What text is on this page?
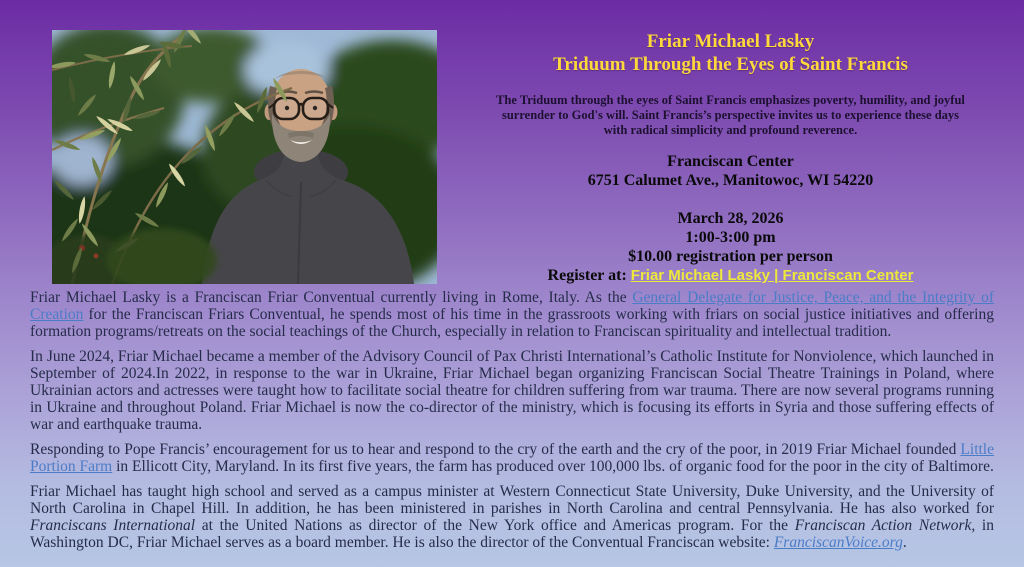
Friar Michael Lasky
Triduum Through the Eyes of Saint Francis

The Triduum through the eyes of Saint Francis emphasizes poverty, humility, and joyful surrender to God's will. Saint Francis’s perspective invites us to experience these days with radical simplicity and profound reverence.

Franciscan Center
6751 Calumet Ave., Manitowoc, WI 54220
March 28, 2026
1:00-3:00 pm
$10.00 registration per person
Register at: Friar Michael Lasky | Franciscan Center

Friar Michael Lasky is a Franciscan Friar Conventual currently living in Rome, Italy. As the General Delegate for Justice, Peace, and the Integrity of Creation for the Franciscan Friars Conventual, he spends most of his time in the grassroots working with friars on social justice initiatives and offering formation programs/retreats on the social teachings of the Church, especially in relation to Franciscan spirituality and intellectual tradition.

In June 2024, Friar Michael became a member of the Advisory Council of Pax Christi International’s Catholic Institute for Nonviolence, which launched in September of 2024.In 2022, in response to the war in Ukraine, Friar Michael began organizing Franciscan Social Theatre Trainings in Poland, where Ukrainian actors and actresses were taught how to facilitate social theatre for children suffering from war trauma. There are now several programs running in Ukraine and throughout Poland. Friar Michael is now the co-director of the ministry, which is focusing its efforts in Syria and those suffering effects of war and earthquake trauma.

Responding to Pope Francis’ encouragement for us to hear and respond to the cry of the earth and the cry of the poor, in 2019 Friar Michael founded Little Portion Farm in Ellicott City, Maryland. In its first five years, the farm has produced over 100,000 lbs. of organic food for the poor in the city of Baltimore.

Friar Michael has taught high school and served as a campus minister at Western Connecticut State University, Duke University, and the University of North Carolina in Chapel Hill. In addition, he has been ministered in parishes in North Carolina and central Pennsylvania. He has also worked for Franciscans International at the United Nations as director of the New York office and Americas program. For the Franciscan Action Network, in Washington DC, Friar Michael serves as a board member. He is also the director of the Conventual Franciscan website: FranciscanVoice.org.
